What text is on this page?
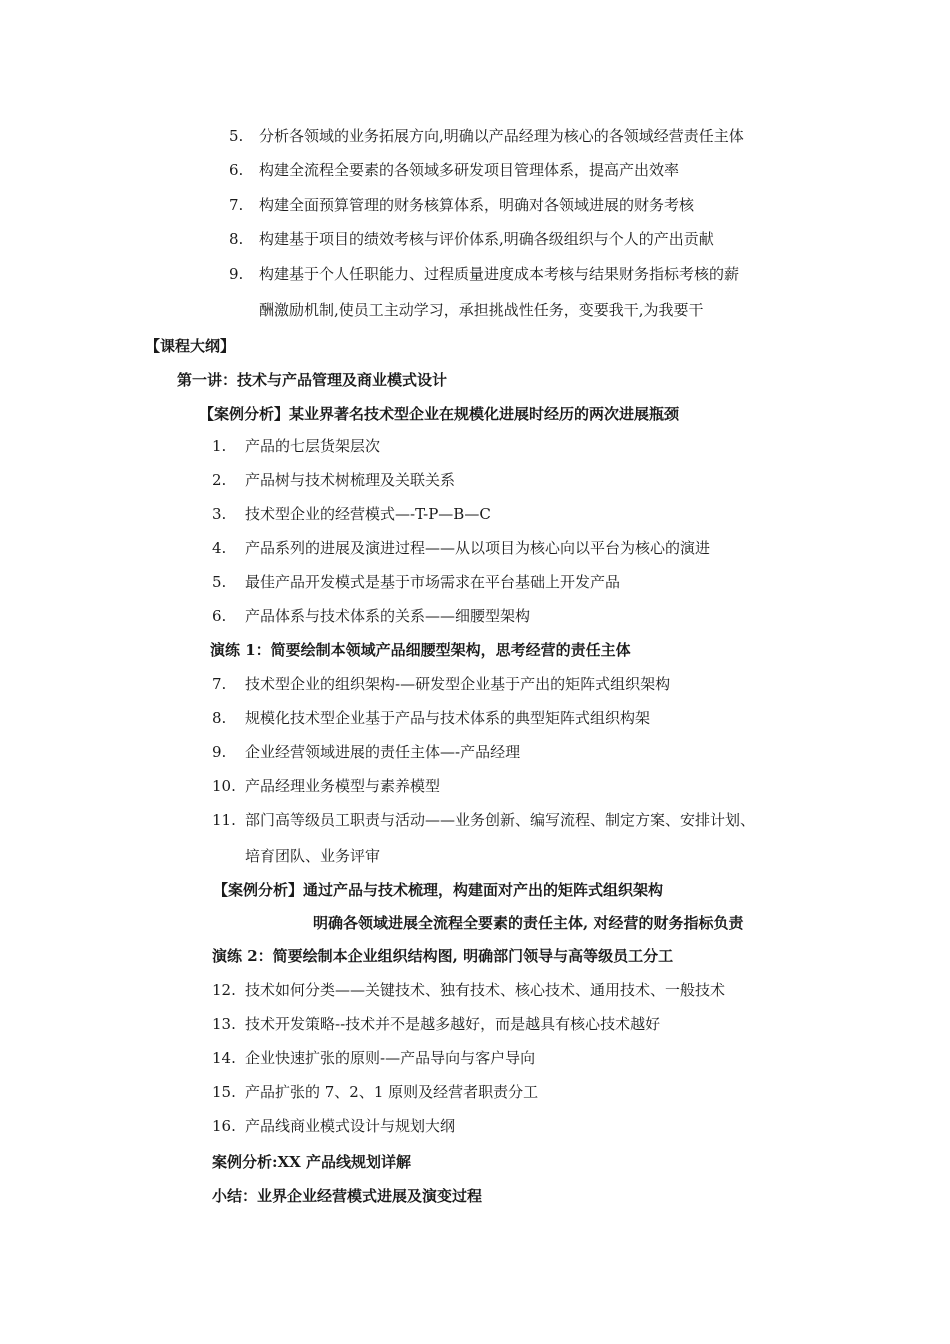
5. 分析各领域的业务拓展方向,明确以产品经理为核心的各领域经营责任主体
6. 构建全流程全要素的各领域多研发项目管理体系，提高产出效率
7. 构建全面预算管理的财务核算体系，明确对各领域进展的财务考核
8. 构建基于项目的绩效考核与评价体系,明确各级组织与个人的产出贡献
9. 构建基于个人任职能力、过程质量进度成本考核与结果财务指标考核的薪
酬激励机制,使员工主动学习，承担挑战性任务，变要我干,为我要干
【课程大纲】
第一讲：技术与产品管理及商业模式设计
【案例分析】某业界著名技术型企业在规模化进展时经历的两次进展瓶颈
1. 产品的七层货架层次
2. 产品树与技术树梳理及关联关系
3. 技术型企业的经营模式—-T-P—B—C
4. 产品系列的进展及演进过程——从以项目为核心向以平台为核心的演进
5. 最佳产品开发模式是基于市场需求在平台基础上开发产品
6. 产品体系与技术体系的关系——细腰型架构
演练 1：简要绘制本领域产品细腰型架构，思考经营的责任主体
7. 技术型企业的组织架构-—研发型企业基于产出的矩阵式组织架构
8. 规模化技术型企业基于产品与技术体系的典型矩阵式组织构架
9. 企业经营领域进展的责任主体—-产品经理
10. 产品经理业务模型与素养模型
11. 部门高等级员工职责与活动——业务创新、编写流程、制定方案、安排计划、
培育团队、业务评审
【案例分析】通过产品与技术梳理，构建面对产出的矩阵式组织架构
明确各领域进展全流程全要素的责任主体, 对经营的财务指标负责
演练 2：简要绘制本企业组织结构图, 明确部门领导与高等级员工分工
12. 技术如何分类——关键技术、独有技术、核心技术、通用技术、一般技术
13. 技术开发策略--技术并不是越多越好，而是越具有核心技术越好
14. 企业快速扩张的原则-—产品导向与客户导向
15. 产品扩张的 7、2、1 原则及经营者职责分工
16. 产品线商业模式设计与规划大纲
案例分析:XX 产品线规划详解
小结：业界企业经营模式进展及演变过程
